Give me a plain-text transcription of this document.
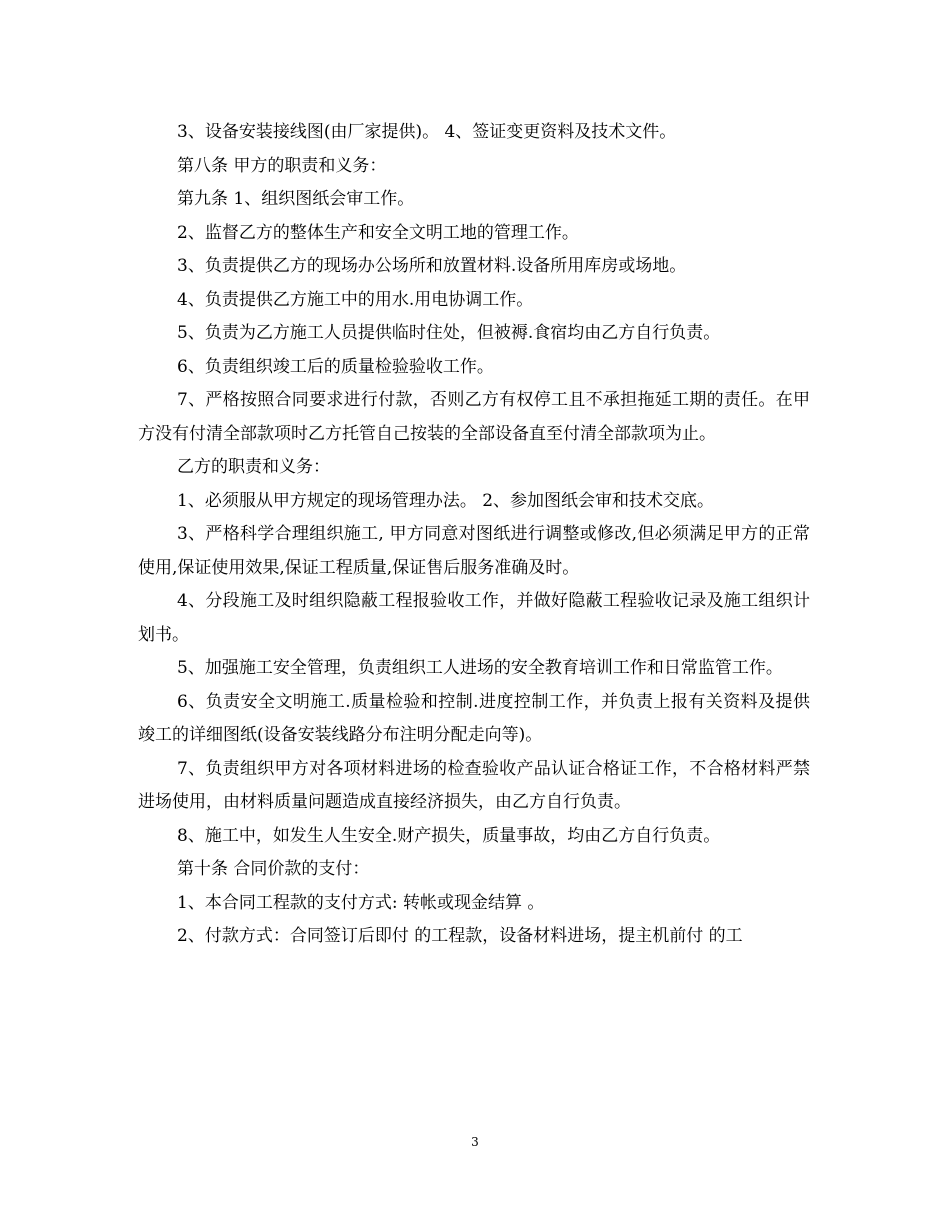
3、设备安装接线图(由厂家提供)。 4、签证变更资料及技术文件。

第八条 甲方的职责和义务：

第九条 1、组织图纸会审工作。

2、监督乙方的整体生产和安全文明工地的管理工作。

3、负责提供乙方的现场办公场所和放置材料.设备所用库房或场地。

4、负责提供乙方施工中的用水.用电协调工作。

5、负责为乙方施工人员提供临时住处，但被褥.食宿均由乙方自行负责。

6、负责组织竣工后的质量检验验收工作。

7、严格按照合同要求进行付款，否则乙方有权停工且不承担拖延工期的责任。在甲方没有付清全部款项时乙方托管自己按装的全部设备直至付清全部款项为止。

乙方的职责和义务：

1、必须服从甲方规定的现场管理办法。 2、参加图纸会审和技术交底。

3、严格科学合理组织施工, 甲方同意对图纸进行调整或修改,但必须满足甲方的正常使用,保证使用效果,保证工程质量,保证售后服务准确及时。

4、分段施工及时组织隐蔽工程报验收工作，并做好隐蔽工程验收记录及施工组织计划书。

5、加强施工安全管理，负责组织工人进场的安全教育培训工作和日常监管工作。

6、负责安全文明施工.质量检验和控制.进度控制工作，并负责上报有关资料及提供竣工的详细图纸(设备安装线路分布注明分配走向等)。

7、负责组织甲方对各项材料进场的检查验收产品认证合格证工作，不合格材料严禁进场使用，由材料质量问题造成直接经济损失，由乙方自行负责。

8、施工中，如发生人生安全.财产损失，质量事故，均由乙方自行负责。

第十条 合同价款的支付：

1、本合同工程款的支付方式: 转帐或现金结算 。

2、付款方式：合同签订后即付 的工程款，设备材料进场，提主机前付 的工

3
